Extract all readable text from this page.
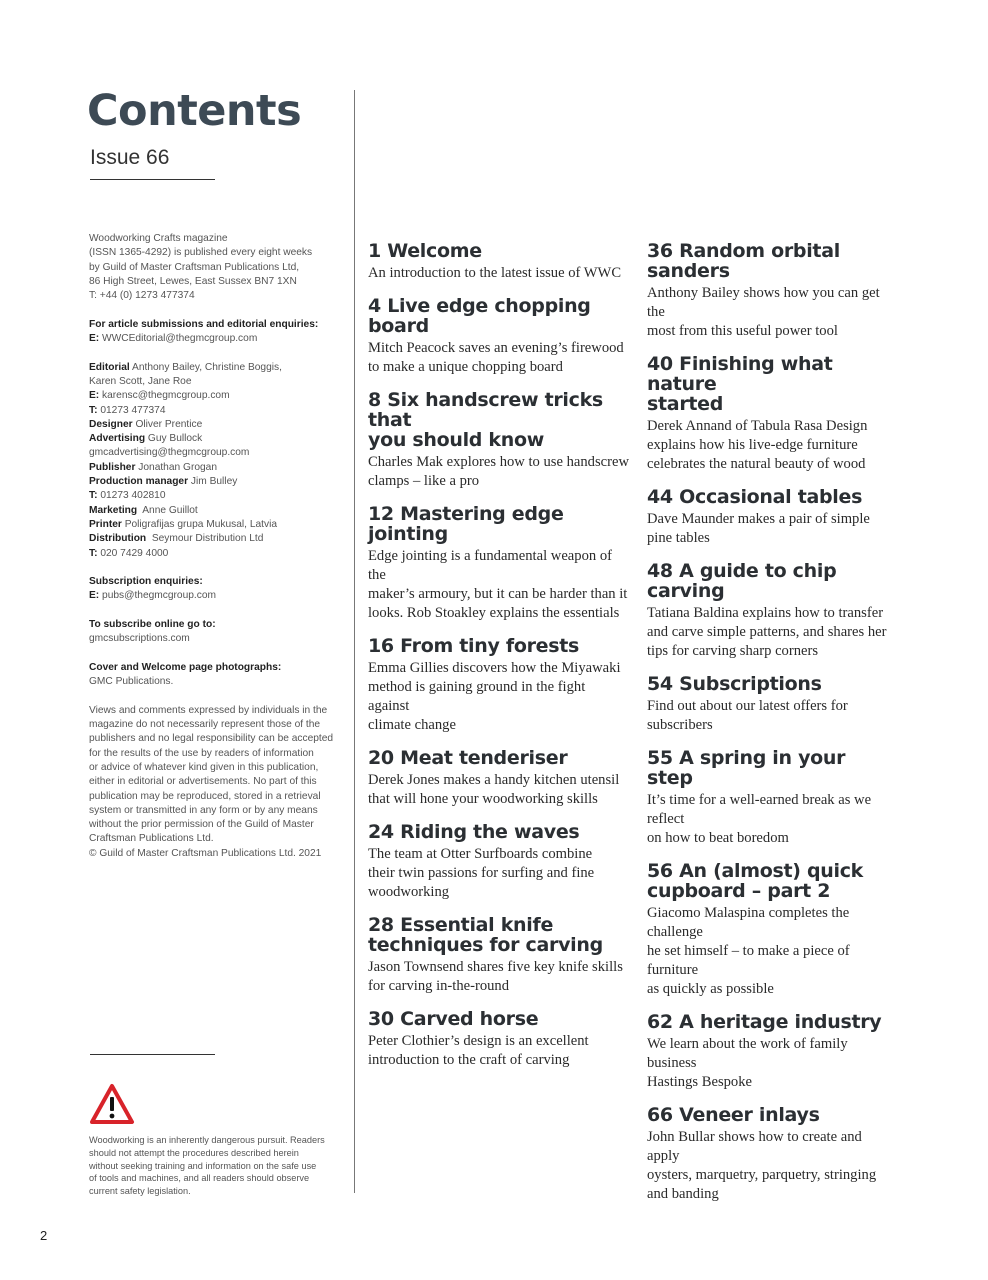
Contents
Issue 66

Woodworking Crafts magazine
(ISSN 1365-4292) is published every eight weeks
by Guild of Master Craftsman Publications Ltd,
86 High Street, Lewes, East Sussex BN7 1XN
T: +44 (0) 1273 477374

For article submissions and editorial enquiries:
E: WWCEditorial@thegmcgroup.com

Editorial Anthony Bailey, Christine Boggis,
Karen Scott, Jane Roe
E: karensc@thegmcgroup.com
T: 01273 477374
Designer Oliver Prentice
Advertising Guy Bullock
gmcadvertising@thegmcgroup.com
Publisher Jonathan Grogan
Production manager Jim Bulley
T: 01273 402810
Marketing Anne Guillot
Printer Poligrafijas grupa Mukusal, Latvia
Distribution Seymour Distribution Ltd
T: 020 7429 4000

Subscription enquiries:
E: pubs@thegmcgroup.com

To subscribe online go to:
gmcsubscriptions.com

Cover and Welcome page photographs:
GMC Publications.

Views and comments expressed by individuals in the
magazine do not necessarily represent those of the
publishers and no legal responsibility can be accepted
for the results of the use by readers of information
or advice of whatever kind given in this publication,
either in editorial or advertisements. No part of this
publication may be reproduced, stored in a retrieval
system or transmitted in any form or by any means
without the prior permission of the Guild of Master
Craftsman Publications Ltd.
© Guild of Master Craftsman Publications Ltd. 2021

Woodworking is an inherently dangerous pursuit. Readers
should not attempt the procedures described herein
without seeking training and information on the safe use
of tools and machines, and all readers should observe
current safety legislation.
2
1 Welcome

An introduction to the latest issue of WWC

4 Live edge chopping board

Mitch Peacock saves an evening’s firewood
to make a unique chopping board

8 Six handscrew tricks that
you should know

Charles Mak explores how to use handscrew
clamps – like a pro

12 Mastering edge jointing

Edge jointing is a fundamental weapon of the
maker’s armoury, but it can be harder than it
looks. Rob Stoakley explains the essentials

16 From tiny forests

Emma Gillies discovers how the Miyawaki
method is gaining ground in the fight against
climate change

20 Meat tenderiser

Derek Jones makes a handy kitchen utensil
that will hone your woodworking skills

24 Riding the waves

The team at Otter Surfboards combine
their twin passions for surfing and fine
woodworking

28 Essential knife
techniques for carving

Jason Townsend shares five key knife skills
for carving in-the-round

30 Carved horse

Peter Clothier’s design is an excellent
introduction to the craft of carving

36 Random orbital sanders

Anthony Bailey shows how you can get the
most from this useful power tool

40 Finishing what nature
started

Derek Annand of Tabula Rasa Design
explains how his live-edge furniture
celebrates the natural beauty of wood

44 Occasional tables

Dave Maunder makes a pair of simple
pine tables

48 A guide to chip carving

Tatiana Baldina explains how to transfer
and carve simple patterns, and shares her
tips for carving sharp corners

54 Subscriptions

Find out about our latest offers for
subscribers

55 A spring in your step

It’s time for a well-earned break as we reflect
on how to beat boredom

56 An (almost) quick
cupboard – part 2

Giacomo Malaspina completes the challenge
he set himself – to make a piece of furniture
as quickly as possible

62 A heritage industry

We learn about the work of family business
Hastings Bespoke

66 Veneer inlays

John Bullar shows how to create and apply
oysters, marquetry, parquetry, stringing
and banding
